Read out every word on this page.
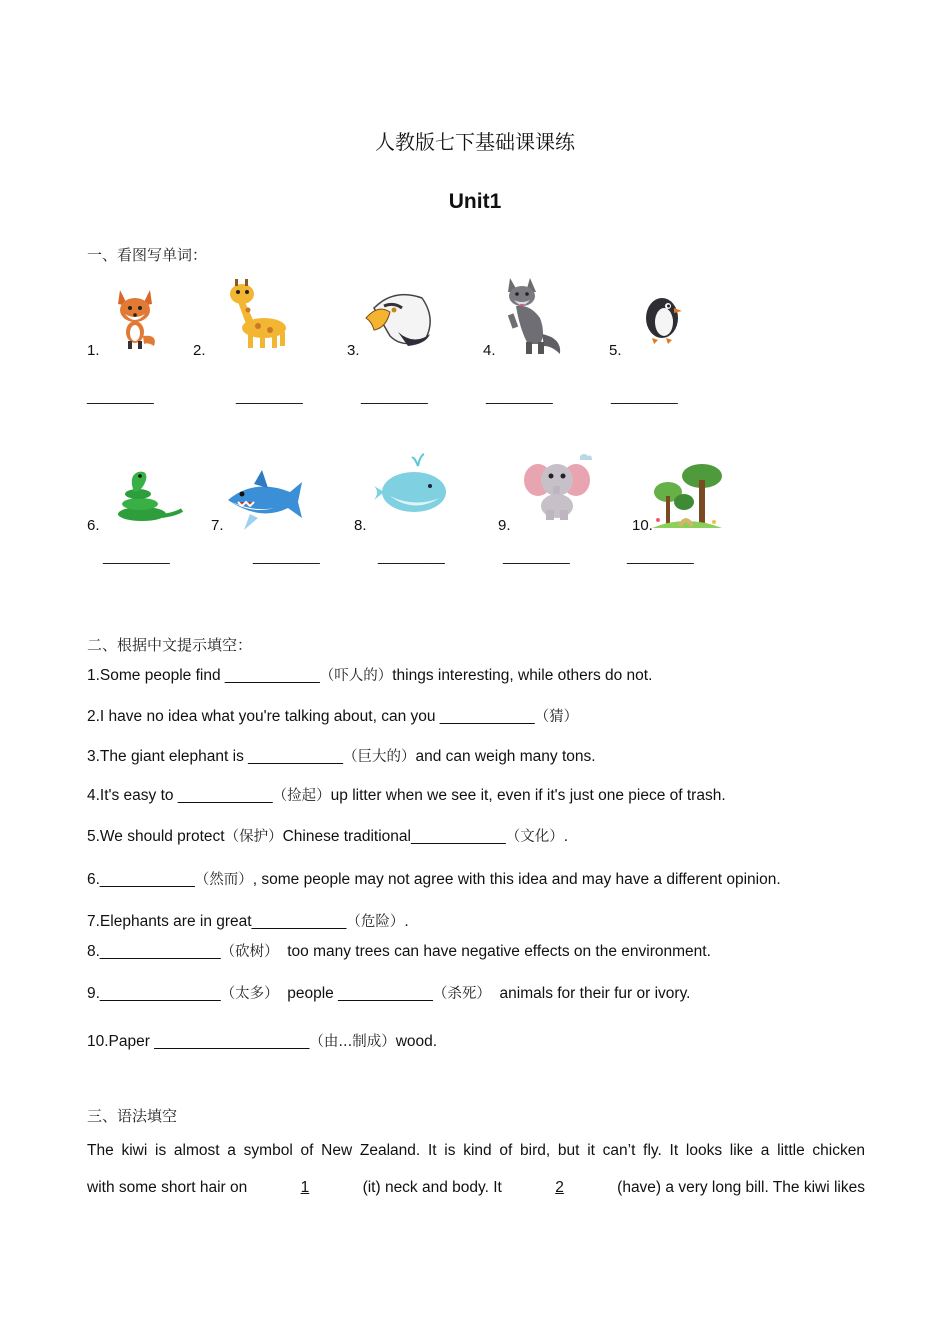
人教版七下基础课课练
Unit1
一、看图写单词：
1.	2.	3.	4.	5.
________	________	________	________	________
6.	7.	8.	9.	10.
________	________	________	________	________
二、根据中文提示填空：
1.Some people find ___________（吓人的）things interesting, while others do not.
2.I have no idea what you're talking about, can you ___________（猜）
3.The giant elephant is ___________（巨大的）and can weigh many tons.
4.It's easy to ___________（捡起）up litter when we see it, even if it's just one piece of trash.
5.We should protect（保护）Chinese traditional___________（文化）.
6.___________（然而）, some people may not agree with this idea and may have a different opinion.
7.Elephants are in great___________（危险）.
8.______________（砍树）  too many trees can have negative effects on the environment.
9.______________（太多）  people ___________（杀死）  animals for their fur or ivory.
10.Paper __________________（由...制成）wood.
三、语法填空
The kiwi is almost a symbol of New Zealand. It is kind of bird, but it can’t fly. It looks like a little chicken
with some short hair on	1	(it) neck and body. It	2	(have) a very long bill. The kiwi likes
